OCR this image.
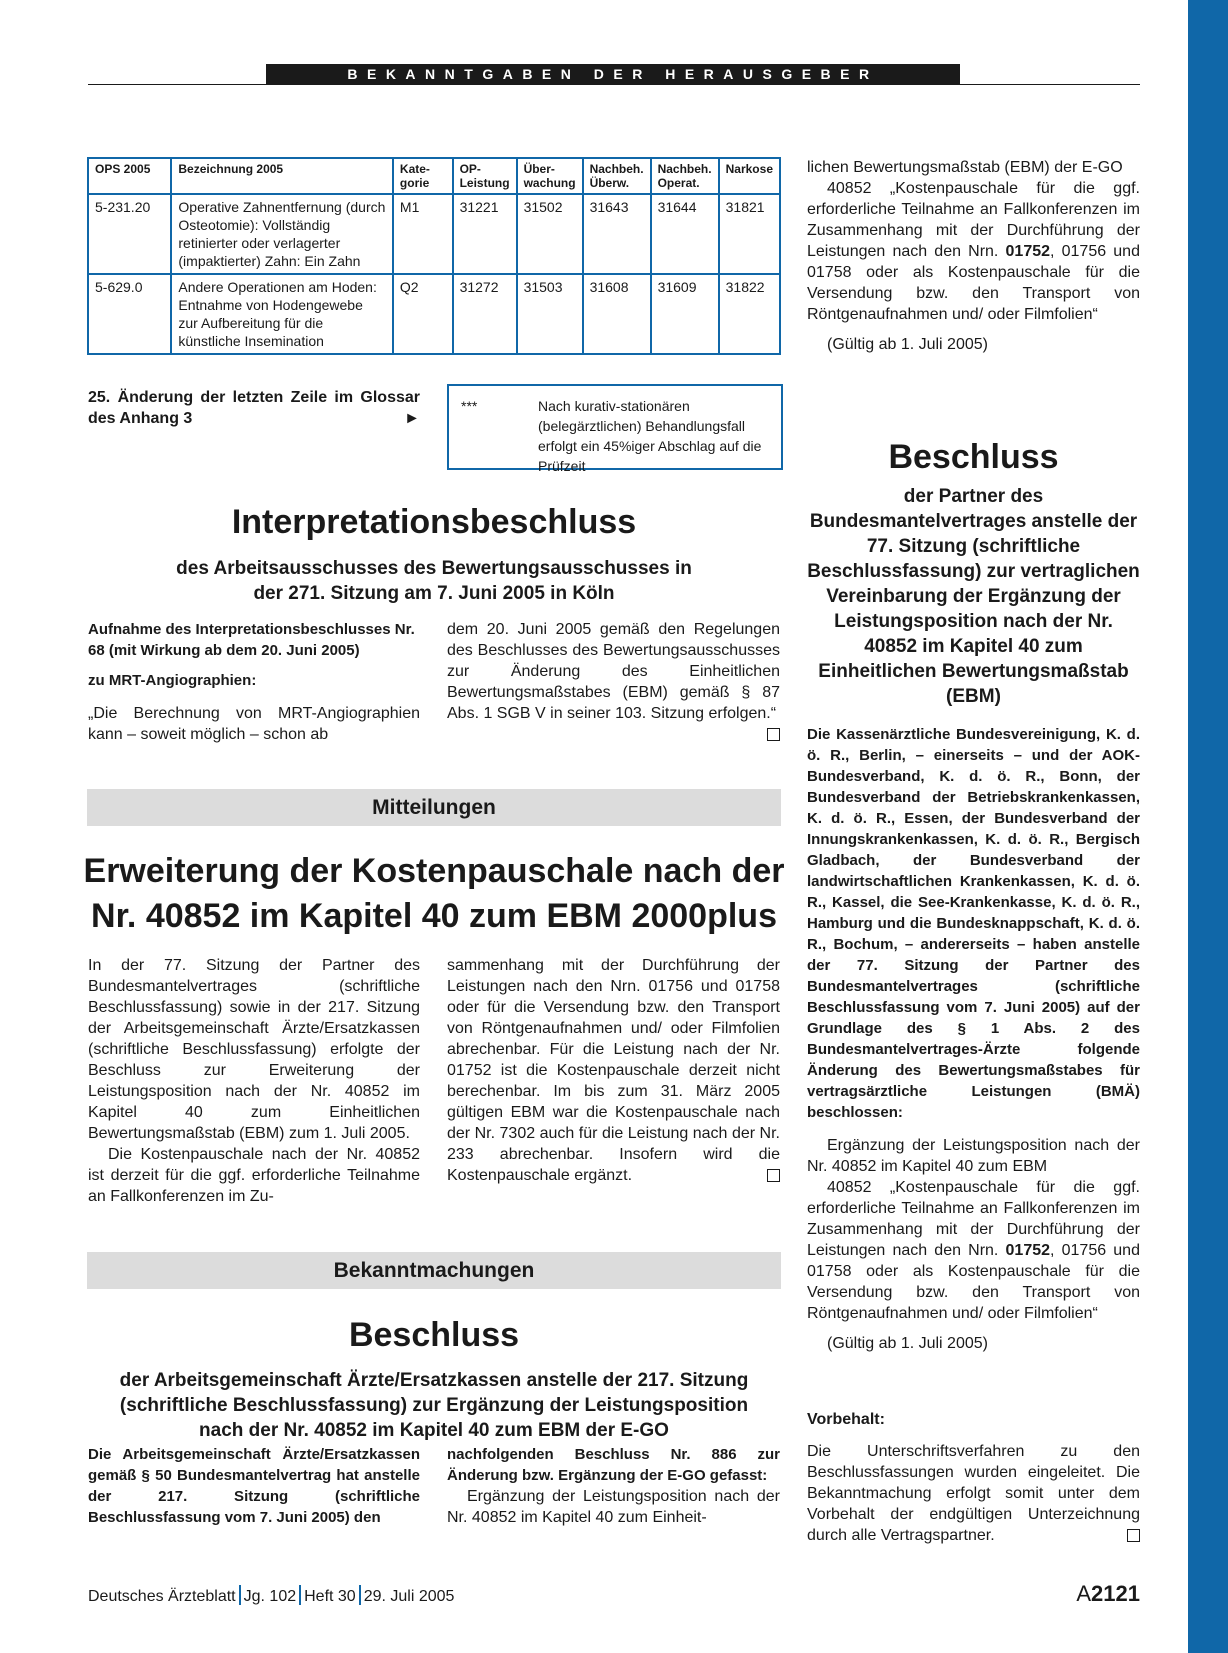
BEKANNTGABEN DER HERAUSGEBER
OPS 2005	Bezeichnung 2005	Kate-gorie	OP-Leistung	Über-wachung	Nachbeh. Überw.	Nachbeh. Operat.	Narkose
5-231.20	Operative Zahnentfernung (durch Osteotomie): Vollständig retinierter oder verlagerter (impaktierter) Zahn: Ein Zahn	M1	31221	31502	31643	31644	31821
5-629.0	Andere Operationen am Hoden: Entnahme von Hodengewebe zur Aufbereitung für die künstliche Insemination	Q2	31272	31503	31608	31609	31822
25. Änderung der letzten Zeile im Glossar des Anhang 3	►
***	Nach kurativ-stationären (belegärztlichen) Behandlungsfall erfolgt ein 45%iger Abschlag auf die Prüfzeit
Interpretationsbeschluss
des Arbeitsausschusses des Bewertungsausschusses in der 271. Sitzung am 7. Juni 2005 in Köln
Aufnahme des Interpretationsbeschlusses Nr. 68 (mit Wirkung ab dem 20. Juni 2005)
zu MRT-Angiographien:
„Die Berechnung von MRT-Angiographien kann – soweit möglich – schon ab
dem 20. Juni 2005 gemäß den Regelungen des Beschlusses des Bewertungsausschusses zur Änderung des Einheitlichen Bewertungsmaßstabes (EBM) gemäß § 87 Abs. 1 SGB V in seiner 103. Sitzung erfolgen.“
Mitteilungen
Erweiterung der Kostenpauschale nach der
Nr. 40852 im Kapitel 40 zum EBM 2000plus
In der 77. Sitzung der Partner des Bundesmantelvertrages (schriftliche Beschlussfassung) sowie in der 217. Sitzung der Arbeitsgemeinschaft Ärzte/Ersatzkassen (schriftliche Beschlussfassung) erfolgte der Beschluss zur Erweiterung der Leistungsposition nach der Nr. 40852 im Kapitel 40 zum Einheitlichen Bewertungsmaßstab (EBM) zum 1. Juli 2005.
Die Kostenpauschale nach der Nr. 40852 ist derzeit für die ggf. erforderliche Teilnahme an Fallkonferenzen im Zu-
sammenhang mit der Durchführung der Leistungen nach den Nrn. 01756 und 01758 oder für die Versendung bzw. den Transport von Röntgenaufnahmen und/ oder Filmfolien abrechenbar. Für die Leistung nach der Nr. 01752 ist die Kostenpauschale derzeit nicht berechenbar. Im bis zum 31. März 2005 gültigen EBM war die Kostenpauschale nach der Nr. 7302 auch für die Leistung nach der Nr. 233 abrechenbar. Insofern wird die Kostenpauschale ergänzt.
Bekanntmachungen
Beschluss
der Arbeitsgemeinschaft Ärzte/Ersatzkassen anstelle der 217. Sitzung (schriftliche Beschlussfassung) zur Ergänzung der Leistungsposition nach der Nr. 40852 im Kapitel 40 zum EBM der E-GO
Die Arbeitsgemeinschaft Ärzte/Ersatzkassen gemäß § 50 Bundesmantelvertrag hat anstelle der 217. Sitzung (schriftliche Beschlussfassung vom 7. Juni 2005) den
nachfolgenden Beschluss Nr. 886 zur Änderung bzw. Ergänzung der E-GO gefasst:
Ergänzung der Leistungsposition nach der Nr. 40852 im Kapitel 40 zum Einheit-
lichen Bewertungsmaßstab (EBM) der E-GO
40852 „Kostenpauschale für die ggf. erforderliche Teilnahme an Fallkonferenzen im Zusammenhang mit der Durchführung der Leistungen nach den Nrn. 01752, 01756 und 01758 oder als Kostenpauschale für die Versendung bzw. den Transport von Röntgenaufnahmen und/ oder Filmfolien“
(Gültig ab 1. Juli 2005)
Beschluss
der Partner des Bundesmantelvertrages anstelle der 77. Sitzung (schriftliche Beschlussfassung) zur vertraglichen Vereinbarung der Ergänzung der Leistungsposition nach der Nr. 40852 im Kapitel 40 zum Einheitlichen Bewertungsmaßstab (EBM)
Die Kassenärztliche Bundesvereinigung, K. d. ö. R., Berlin, – einerseits – und der AOK-Bundesverband, K. d. ö. R., Bonn, der Bundesverband der Betriebskrankenkassen, K. d. ö. R., Essen, der Bundesverband der Innungskrankenkassen, K. d. ö. R., Bergisch Gladbach, der Bundesverband der landwirtschaftlichen Krankenkassen, K. d. ö. R., Kassel, die See-Krankenkasse, K. d. ö. R., Hamburg und die Bundesknappschaft, K. d. ö. R., Bochum, – andererseits – haben anstelle der 77. Sitzung der Partner des Bundesmantelvertrages (schriftliche Beschlussfassung vom 7. Juni 2005) auf der Grundlage des § 1 Abs. 2 des Bundesmantelvertrages-Ärzte folgende Änderung des Bewertungsmaßstabes für vertragsärztliche Leistungen (BMÄ) beschlossen:
Ergänzung der Leistungsposition nach der Nr. 40852 im Kapitel 40 zum EBM
40852 „Kostenpauschale für die ggf. erforderliche Teilnahme an Fallkonferenzen im Zusammenhang mit der Durchführung der Leistungen nach den Nrn. 01752, 01756 und 01758 oder als Kostenpauschale für die Versendung bzw. den Transport von Röntgenaufnahmen und/ oder Filmfolien“
(Gültig ab 1. Juli 2005)
Vorbehalt:
Die Unterschriftsverfahren zu den Beschlussfassungen wurden eingeleitet. Die Bekanntmachung erfolgt somit unter dem Vorbehalt der endgültigen Unterzeichnung durch alle Vertragspartner.
Deutsches Ärzteblatt Jg. 102 Heft 30 29. Juli 2005	A2121
